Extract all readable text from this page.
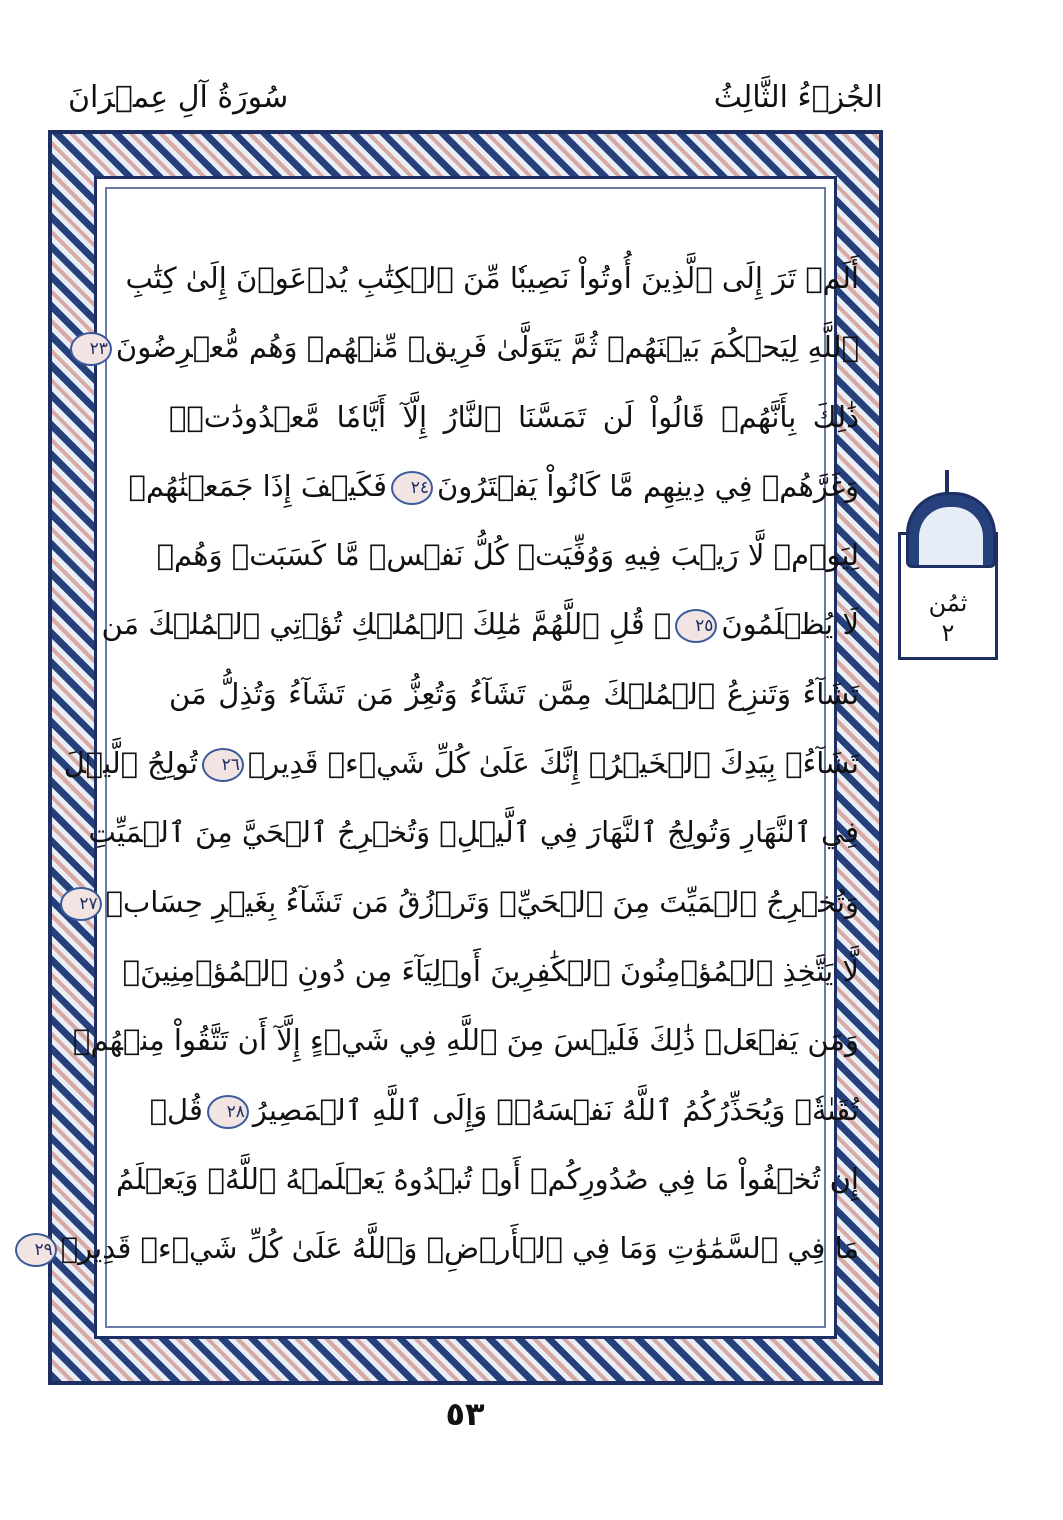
الجُزۡءُ الثَّالِثُ
سُورَةُ آلِ عِمۡرَانَ
أَلَمۡ تَرَ إِلَى ٱلَّذِينَ أُوتُواْ نَصِيبٗا مِّنَ ٱلۡكِتَٰبِ يُدۡعَوۡنَ إِلَىٰ كِتَٰبِ
ٱللَّهِ لِيَحۡكُمَ بَيۡنَهُمۡ ثُمَّ يَتَوَلَّىٰ فَرِيقٞ مِّنۡهُمۡ وَهُم مُّعۡرِضُونَ٢٣
ذَٰلِكَ بِأَنَّهُمۡ قَالُواْ لَن تَمَسَّنَا ٱلنَّارُ إِلَّآ أَيَّامٗا مَّعۡدُودَٰتٖۖ
وَغَرَّهُمۡ فِي دِينِهِم مَّا كَانُواْ يَفۡتَرُونَ٢٤فَكَيۡفَ إِذَا جَمَعۡنَٰهُمۡ
لِيَوۡمٖ لَّا رَيۡبَ فِيهِ وَوُفِّيَتۡ كُلُّ نَفۡسٖ مَّا كَسَبَتۡ وَهُمۡ
لَا يُظۡلَمُونَ٢٥۞ قُلِ ٱللَّهُمَّ مَٰلِكَ ٱلۡمُلۡكِ تُؤۡتِي ٱلۡمُلۡكَ مَن
تَشَآءُ وَتَنزِعُ ٱلۡمُلۡكَ مِمَّن تَشَآءُ وَتُعِزُّ مَن تَشَآءُ وَتُذِلُّ مَن
تَشَآءُۖ بِيَدِكَ ٱلۡخَيۡرُۖ إِنَّكَ عَلَىٰ كُلِّ شَيۡءٖ قَدِيرٞ٢٦تُولِجُ ٱلَّيۡلَ
فِي ٱلنَّهَارِ وَتُولِجُ ٱلنَّهَارَ فِي ٱلَّيۡلِۖ وَتُخۡرِجُ ٱلۡحَيَّ مِنَ ٱلۡمَيِّتِ
وَتُخۡرِجُ ٱلۡمَيِّتَ مِنَ ٱلۡحَيِّۖ وَتَرۡزُقُ مَن تَشَآءُ بِغَيۡرِ حِسَابٖ٢٧
لَّا يَتَّخِذِ ٱلۡمُؤۡمِنُونَ ٱلۡكَٰفِرِينَ أَوۡلِيَآءَ مِن دُونِ ٱلۡمُؤۡمِنِينَۖ
وَمَن يَفۡعَلۡ ذَٰلِكَ فَلَيۡسَ مِنَ ٱللَّهِ فِي شَيۡءٍ إِلَّآ أَن تَتَّقُواْ مِنۡهُمۡ
تُقَىٰةٗۗ وَيُحَذِّرُكُمُ ٱللَّهُ نَفۡسَهُۥۗ وَإِلَى ٱللَّهِ ٱلۡمَصِيرُ٢٨قُلۡ
إِن تُخۡفُواْ مَا فِي صُدُورِكُمۡ أَوۡ تُبۡدُوهُ يَعۡلَمۡهُ ٱللَّهُۗ وَيَعۡلَمُ
مَا فِي ٱلسَّمَٰوَٰتِ وَمَا فِي ٱلۡأَرۡضِۗ وَٱللَّهُ عَلَىٰ كُلِّ شَيۡءٖ قَدِيرٞ٢٩
ثمُن
٢
٥٣
